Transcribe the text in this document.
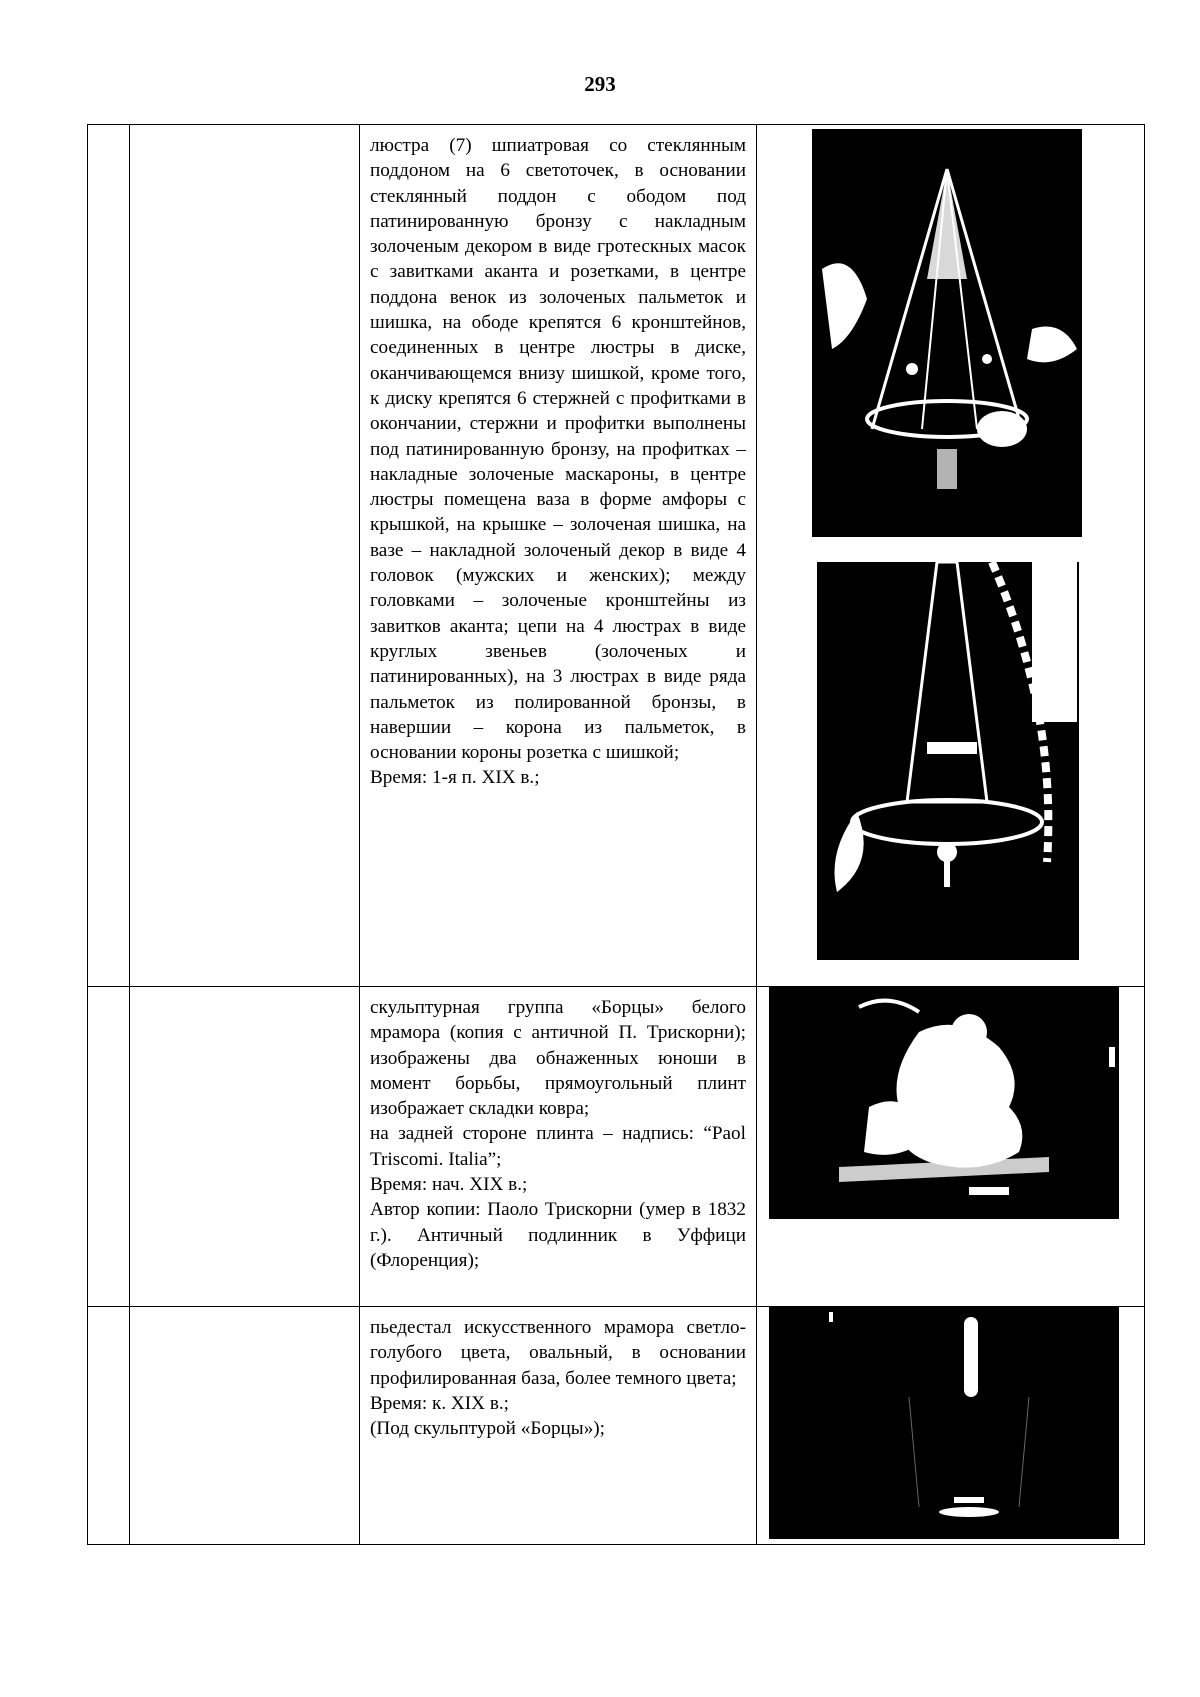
293

		люстра (7) шпиатровая со стеклянным поддоном на 6 светоточек, в основании стеклянный поддон с ободом под патинированную бронзу с накладным золоченым декором в виде гротескных масок с завитками аканта и розетками, в центре поддона венок из золоченых пальметок и шишка, на ободе крепятся 6 кронштейнов, соединенных в центре люстры в диске, оканчивающемся внизу шишкой, кроме того, к диску крепятся 6 стержней с профитками в окончании, стержни и профитки выполнены под патинированную бронзу, на профитках – накладные золоченые маскароны, в центре люстры помещена ваза в форме амфоры с крышкой, на крышке – золоченая шишка, на вазе – накладной золоченый декор в виде 4 головок (мужских и женских); между головками – золоченые кронштейны из завитков аканта; цепи на 4 люстрах в виде круглых звеньев (золоченых и патинированных), на 3 люстрах в виде ряда пальметок из полированной бронзы, в навершии – корона из пальметок, в основании короны розетка с шишкой;

Время: 1-я п. XIX в.;

		скульптурная группа «Борцы» белого мрамора (копия с античной П. Трискорни); изображены два обнаженных юноши в момент борьбы, прямоугольный плинт изображает складки ковра;

на задней стороне плинта – надпись: “Paol Triscomi. Italia”;

Время: нач. XIX в.;

Автор копии: Паоло Трискорни (умер в 1832 г.). Античный подлинник в Уффици (Флоренция);

		пьедестал искусственного мрамора светло-голубого цвета, овальный, в основании профилированная база, более темного цвета;

Время: к. XIX в.;

(Под скульптурой «Борцы»);
